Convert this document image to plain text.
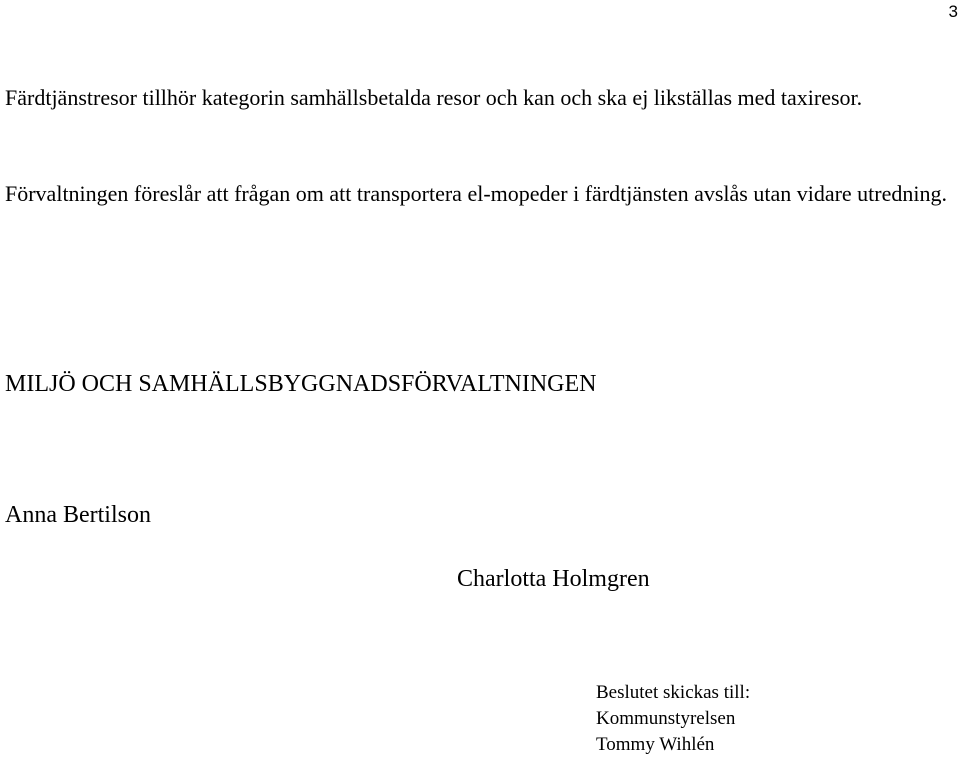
3

Färdtjänstresor tillhör kategorin samhällsbetalda resor och kan och ska ej likställas med taxiresor.

Förvaltningen föreslår att frågan om att transportera el-mopeder i färdtjänsten avslås utan vidare utredning.

MILJÖ OCH SAMHÄLLSBYGGNADSFÖRVALTNINGEN

Anna Bertilson
Charlotta Holmgren
Beslutet skickas till:
Kommunstyrelsen
Tommy Wihlén
